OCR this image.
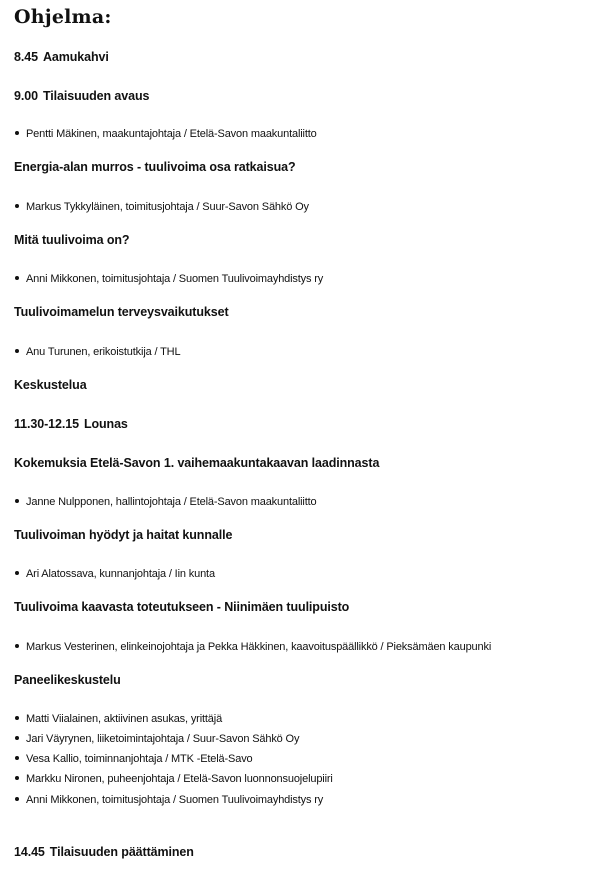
Ohjelma:
8.45 Aamukahvi
9.00 Tilaisuuden avaus
Pentti Mäkinen, maakuntajohtaja / Etelä-Savon maakuntaliitto
Energia-alan murros - tuulivoima osa ratkaisua?
Markus Tykkyläinen, toimitusjohtaja / Suur-Savon Sähkö Oy
Mitä tuulivoima on?
Anni Mikkonen, toimitusjohtaja / Suomen Tuulivoimayhdistys ry
Tuulivoimamelun terveysvaikutukset
Anu Turunen, erikoistutkija / THL
Keskustelua
11.30-12.15 Lounas
Kokemuksia Etelä-Savon 1. vaihemaakuntakaavan laadinnasta
Janne Nulpponen, hallintojohtaja / Etelä-Savon maakuntaliitto
Tuulivoiman hyödyt ja haitat kunnalle
Ari Alatossava, kunnanjohtaja / Iin kunta
Tuulivoima kaavasta toteutukseen - Niinimäen tuulipuisto
Markus Vesterinen, elinkeinojohtaja ja Pekka Häkkinen, kaavoituspäällikkö / Pieksämäen kaupunki
Paneelikeskustelu
Matti Viialainen, aktiivinen asukas, yrittäjä
Jari Väyrynen, liiketoimintajohtaja / Suur-Savon Sähkö Oy
Vesa Kallio, toiminnanjohtaja / MTK -Etelä-Savo
Markku Nironen, puheenjohtaja / Etelä-Savon luonnonsuojelupiiri
Anni Mikkonen, toimitusjohtaja / Suomen Tuulivoimayhdistys ry
14.45 Tilaisuuden päättäminen
